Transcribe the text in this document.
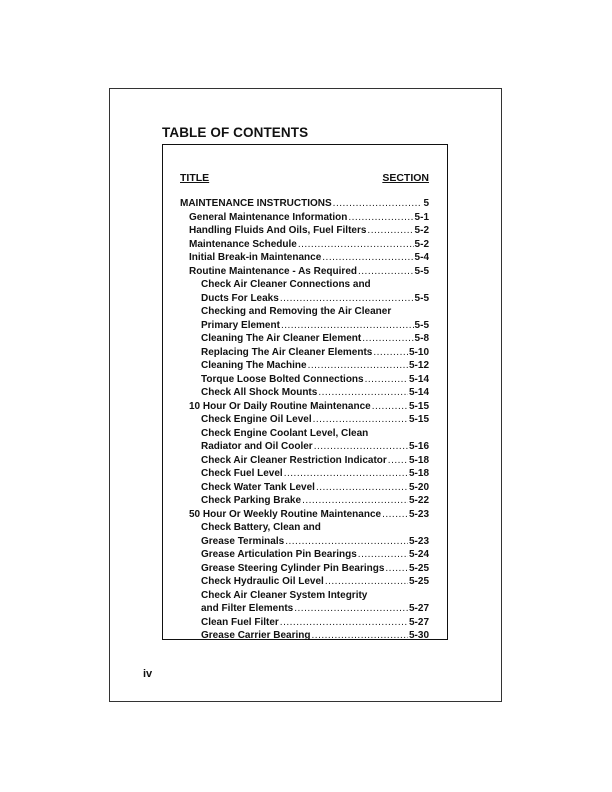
TABLE OF CONTENTS
TITLE	SECTION
MAINTENANCE INSTRUCTIONS .....	5
General Maintenance Information .....	5-1
Handling Fluids And Oils, Fuel Filters .....	5-2
Maintenance Schedule .....	5-2
Initial Break-in Maintenance .....	5-4
Routine Maintenance - As Required .....	5-5
Check Air Cleaner Connections and
Ducts For Leaks .....	5-5
Checking and Removing the Air Cleaner
Primary Element .....	5-5
Cleaning The Air Cleaner Element .....	5-8
Replacing The Air Cleaner Elements .....	5-10
Cleaning The Machine .....	5-12
Torque Loose Bolted Connections .....	5-14
Check All Shock Mounts .....	5-14
10 Hour Or Daily Routine Maintenance .....	5-15
Check Engine Oil Level .....	5-15
Check Engine Coolant Level, Clean
Radiator and Oil Cooler .....	5-16
Check Air Cleaner Restriction Indicator ..... 5-18
Check Fuel Level .....	5-18
Check Water Tank Level .....	5-20
Check Parking Brake .....	5-22
50 Hour Or Weekly Routine Maintenance .....	5-23
Check Battery, Clean and
Grease Terminals .....	5-23
Grease Articulation Pin Bearings .....	5-24
Grease Steering Cylinder Pin Bearings ..... 5-25
Check Hydraulic Oil Level .....	5-25
Check Air Cleaner System Integrity
and Filter Elements .....	5-27
Clean Fuel Filter .....	5-27
Grease Carrier Bearing .....	5-30
iv
